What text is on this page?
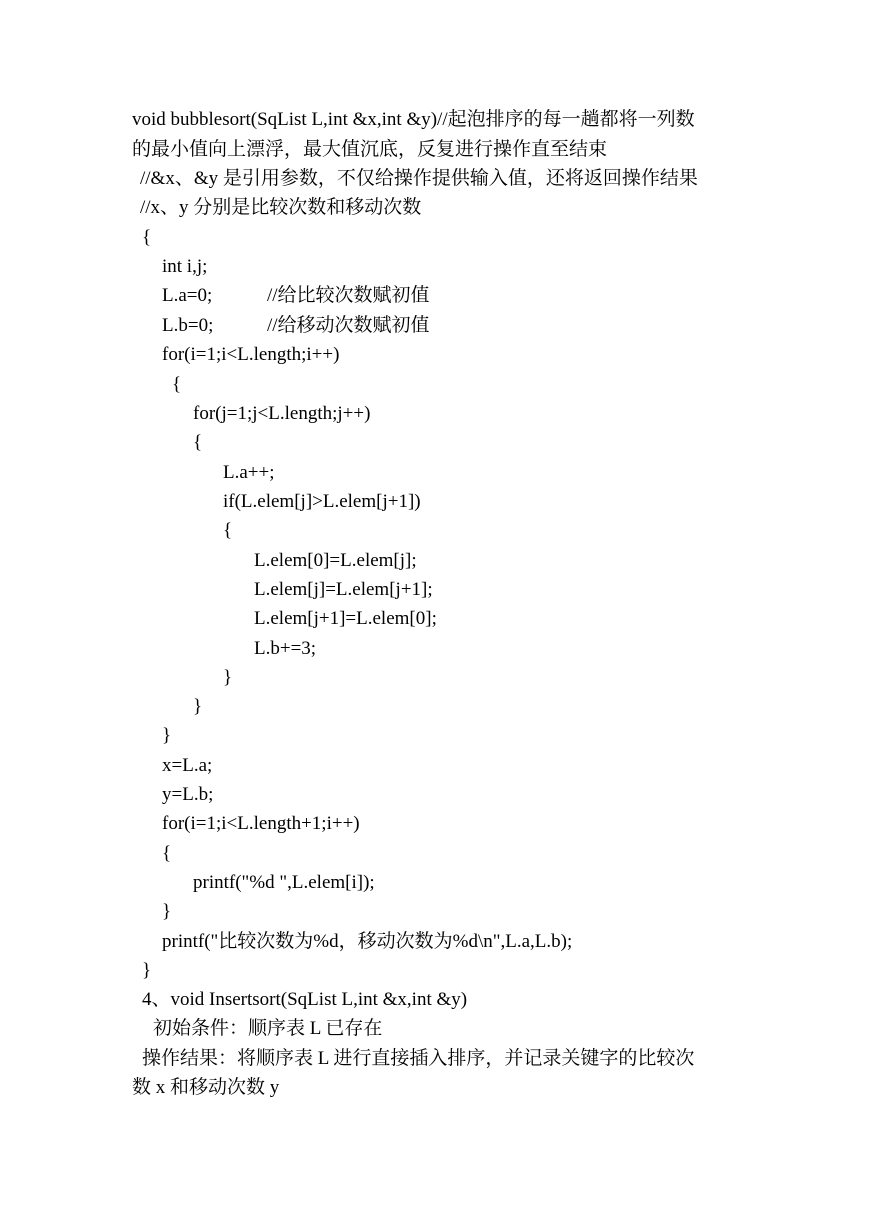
void bubblesort(SqList L,int &x,int &y)//起泡排序的每一趟都将一列数
的最小值向上漂浮，最大值沉底，反复进行操作直至结束
//&x、&y 是引用参数，不仅给操作提供输入值，还将返回操作结果
//x、y 分别是比较次数和移动次数
{
int i,j;
L.a=0;	//给比较次数赋初值
L.b=0;	//给移动次数赋初值
for(i=1;i<L.length;i++)
{
for(j=1;j<L.length;j++)
{
L.a++;
if(L.elem[j]>L.elem[j+1])
{
L.elem[0]=L.elem[j];
L.elem[j]=L.elem[j+1];
L.elem[j+1]=L.elem[0];
L.b+=3;
}
}
}
x=L.a;
y=L.b;
for(i=1;i<L.length+1;i++)
{
printf("%d ",L.elem[i]);
}
printf("比较次数为%d，移动次数为%d\n",L.a,L.b);
}
4、void Insertsort(SqList L,int &x,int &y)
初始条件：顺序表 L 已存在
操作结果：将顺序表 L 进行直接插入排序，并记录关键字的比较次
数 x 和移动次数 y
